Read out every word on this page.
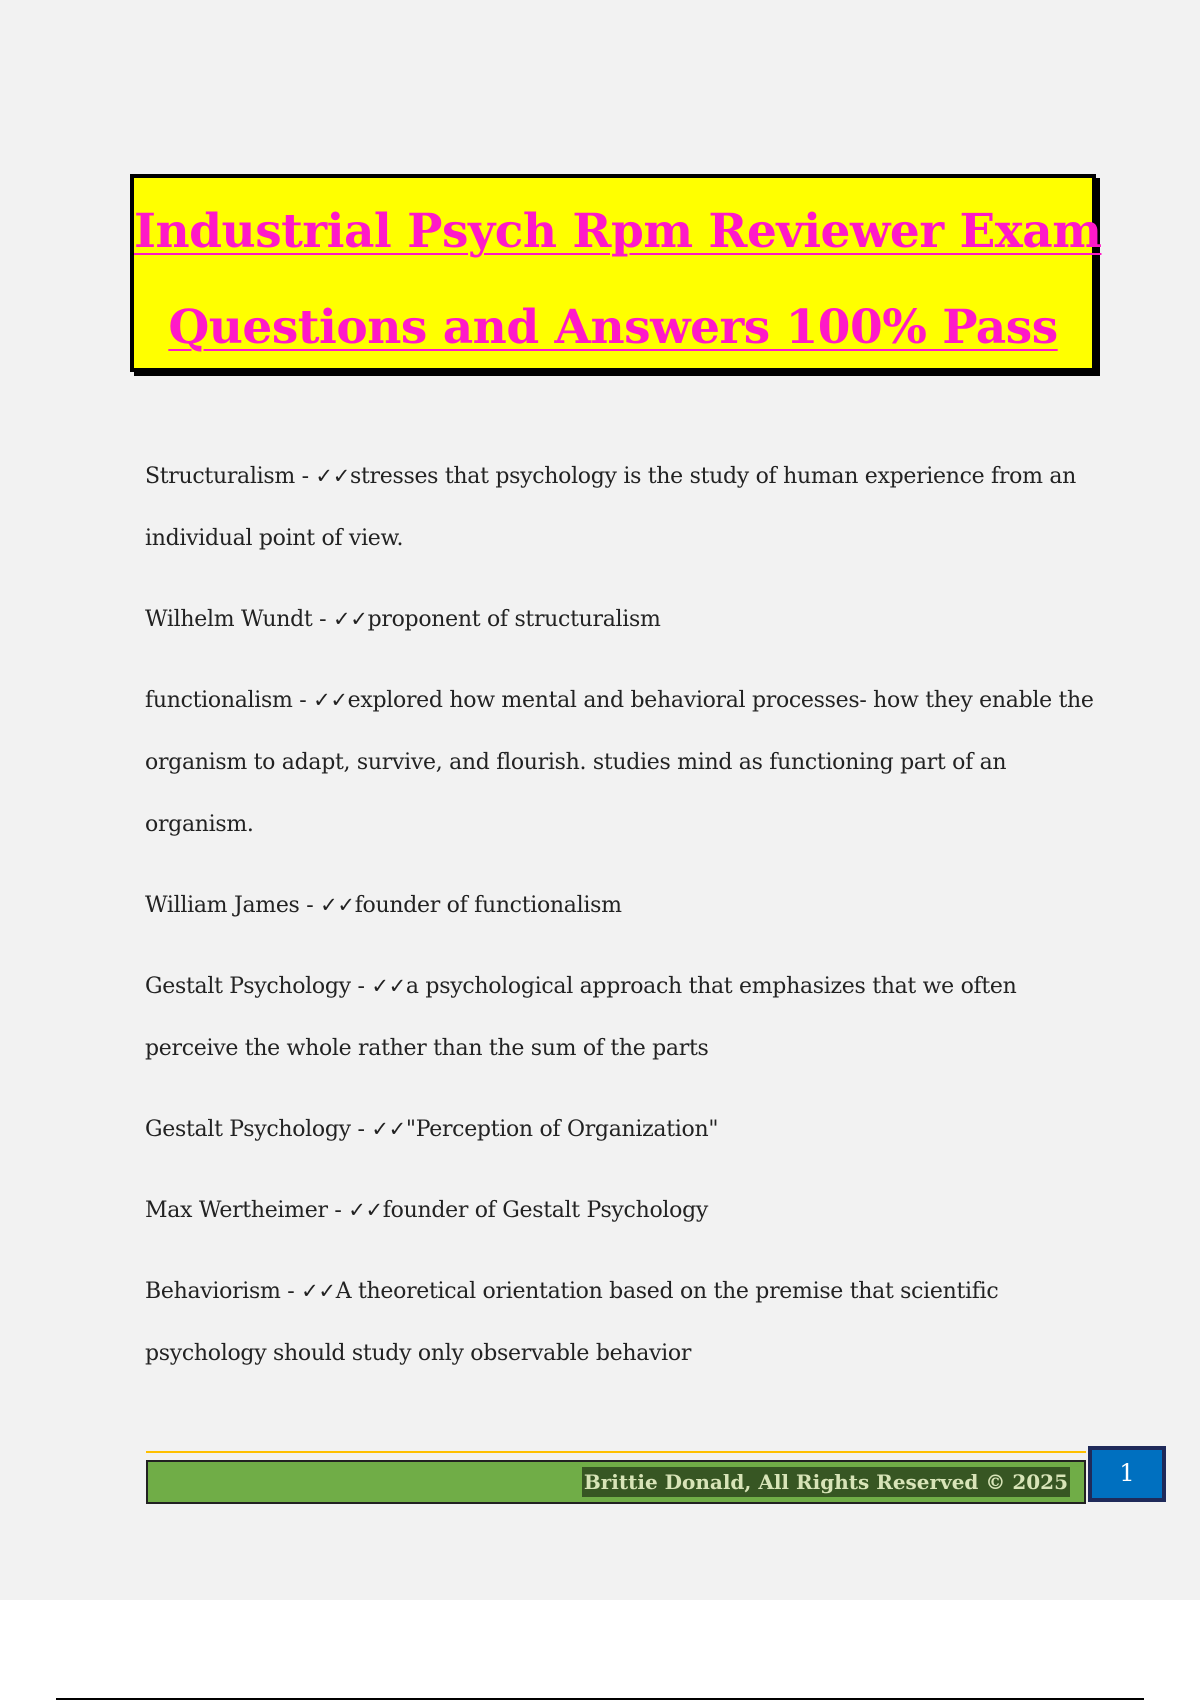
Industrial Psych Rpm Reviewer Exam
Questions and Answers 100% Pass
Structuralism - ✓✓stresses that psychology is the study of human experience from an individual point of view.
Wilhelm Wundt - ✓✓proponent of structuralism
functionalism - ✓✓explored how mental and behavioral processes- how they enable the organism to adapt, survive, and flourish. studies mind as functioning part of an organism.
William James - ✓✓founder of functionalism
Gestalt Psychology - ✓✓a psychological approach that emphasizes that we often perceive the whole rather than the sum of the parts
Gestalt Psychology - ✓✓"Perception of Organization"
Max Wertheimer - ✓✓founder of Gestalt Psychology
Behaviorism - ✓✓A theoretical orientation based on the premise that scientific psychology should study only observable behavior
Brittie Donald, All Rights Reserved © 2025	1
